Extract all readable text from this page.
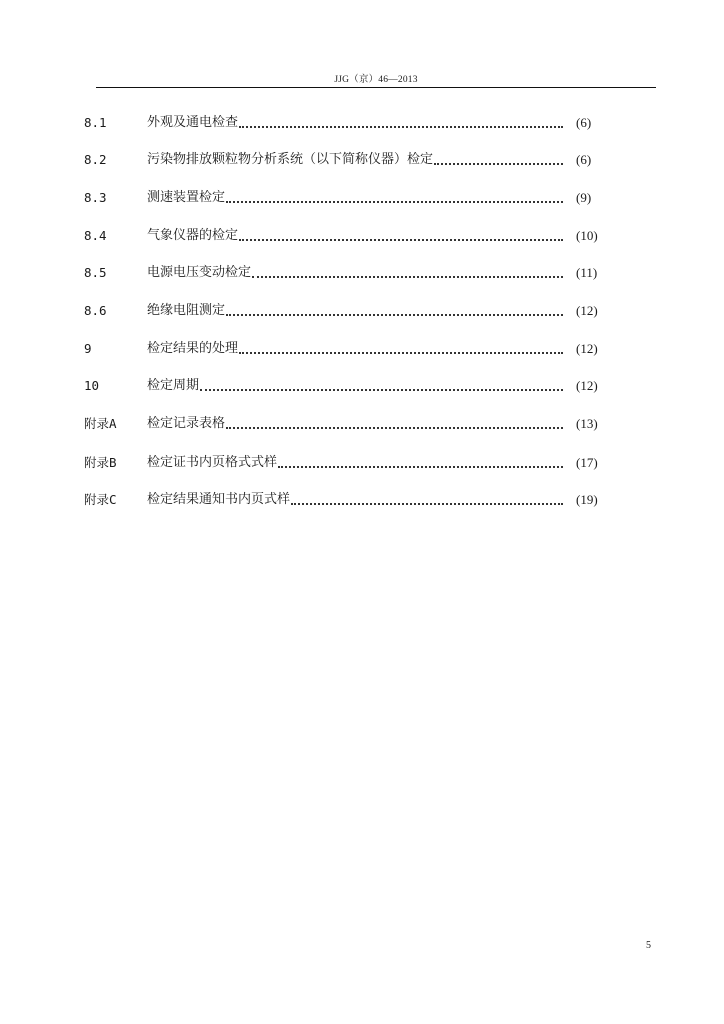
JJG（京）46—2013
8.1	外观及通电检查	(6)
8.2	污染物排放颗粒物分析系统（以下简称仪器）检定	(6)
8.3	测速装置检定	(9)
8.4	气象仪器的检定	(10)
8.5	电源电压变动检定	(11)
8.6	绝缘电阻测定	(12)
9	检定结果的处理	(12)
10	检定周期	(12)
附录A 检定记录表格	(13)
附录B 检定证书内页格式式样	(17)
附录C 检定结果通知书内页式样	(19)
5
